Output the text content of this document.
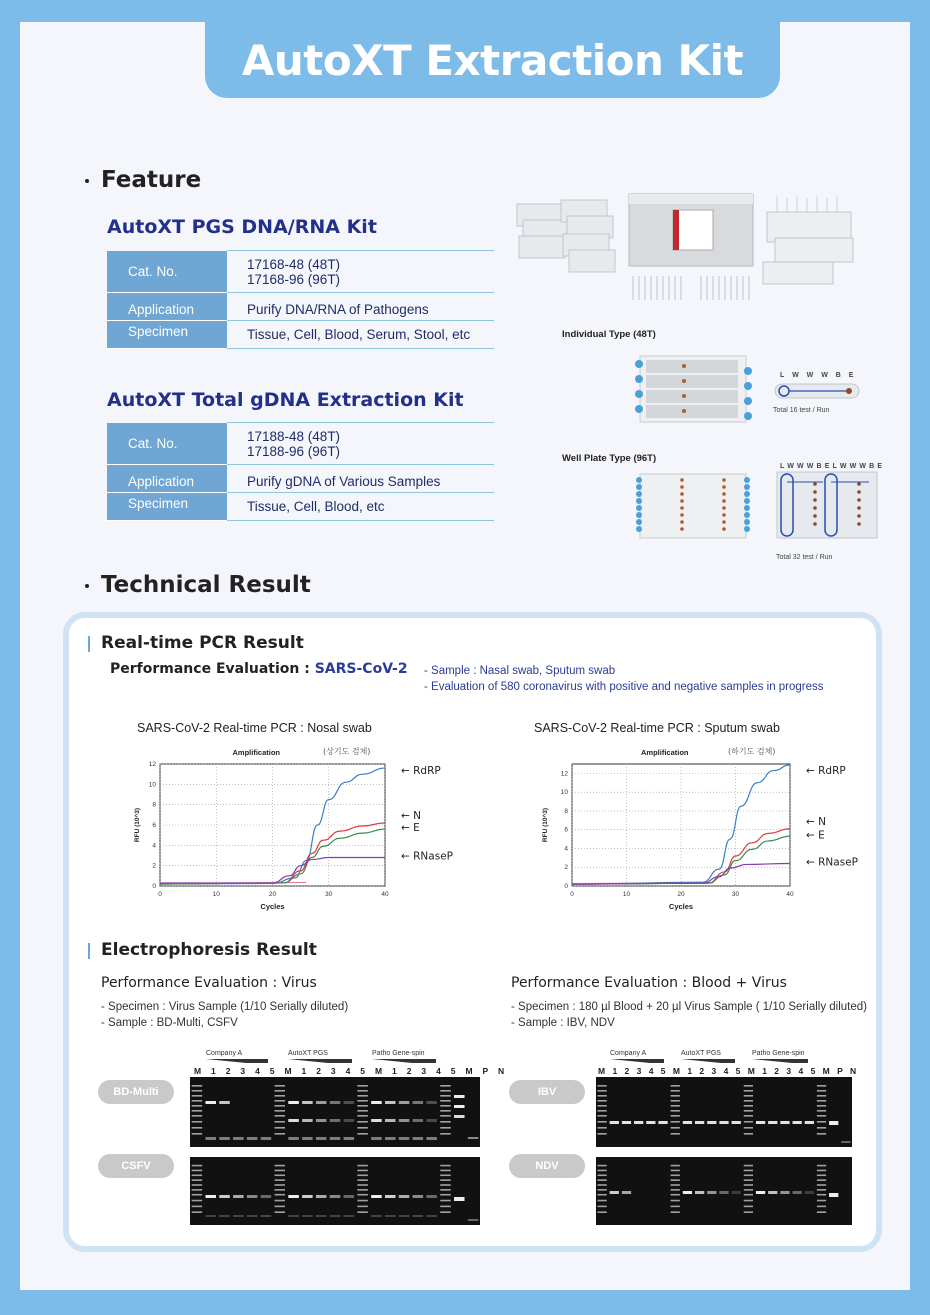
AutoXT Extraction Kit
Feature
AutoXT PGS DNA/RNA Kit
Cat. No.	17168-48 (48T)
17168-96 (96T)
Application	Purify DNA/RNA of Pathogens
Specimen	Tissue, Cell, Blood, Serum, Stool, etc
AutoXT Total gDNA Extraction Kit
Cat. No.	17188-48 (48T)
17188-96 (96T)
Application	Purify gDNA of Various Samples
Specimen	Tissue, Cell, Blood, etc
Individual Type (48T)
L W W W B E
Total 16 test / Run
Well Plate Type (96T)
L W W W B E L W W W B E
Total 32 test / Run
Technical Result
Real-time PCR Result
Performance Evaluation : SARS-CoV-2 - Sample : Nasal swab, Sputum swab
- Evaluation of 580 coronavirus with positive and negative samples in progress
SARS-CoV-2 Real-time PCR : Nosal swab
Amplification	(상기도 검체)
0	10	20	30	40
0
2
4
6
8
10
12
Cycles
RFU (10^3)
← RdRP
← N
← E
← RNaseP
SARS-CoV-2 Real-time PCR : Sputum swab
Amplification	(하기도 검체)
0	10	20	30	40
0
2
4
6
8
10
12
Cycles
RFU (10^3)
← RdRP
← N
← E
← RNaseP
Electrophoresis Result
Performance Evaluation : Virus
- Specimen : Virus Sample (1/10 Serially diluted)
- Sample : BD-Multi, CSFV
Performance Evaluation : Blood + Virus
- Specimen : 180 µl Blood + 20 µl Virus Sample ( 1/10 Serially diluted)
- Sample : IBV, NDV
Company A	AutoXT PGS	Patho Gene-spin
M 1 2 3 4 5 M 1 2 3 4 5 M 1 2 3 4 5 M P N
BD-Multi
CSFV
Company A	AutoXT PGS	Patho Gene-spin
M 1 2 3 4 5 M 1 2 3 4 5 M 1 2 3 4 5 M P N
IBV
NDV
